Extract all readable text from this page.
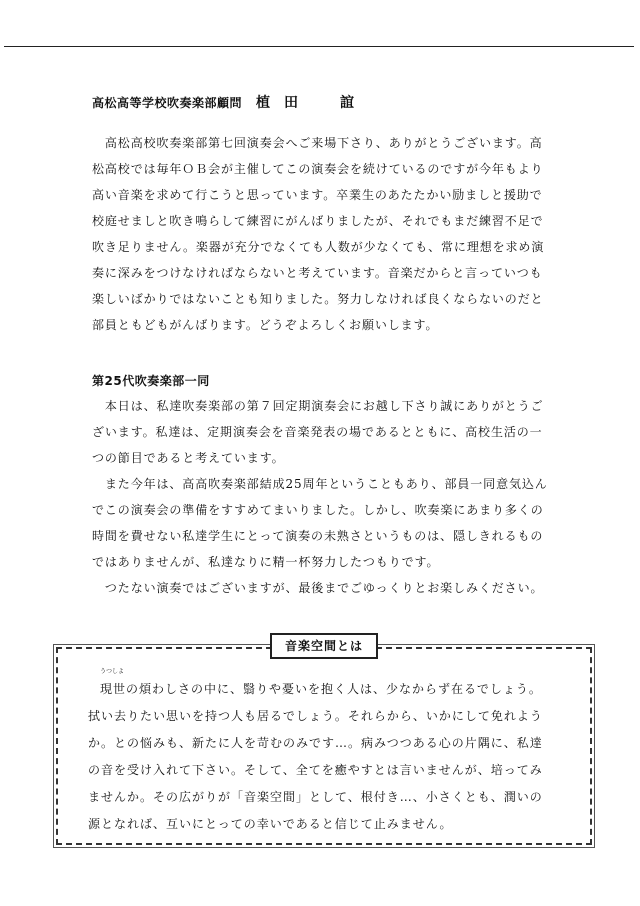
高松高等学校吹奏楽部顧問 植田　誼

　高松高校吹奏楽部第七回演奏会へご来場下さり、ありがとうございます。高

松高校では毎年ＯＢ会が主催してこの演奏会を続けているのですが今年もより

高い音楽を求めて行こうと思っています。卒業生のあたたかい励ましと援助で

校庭せましと吹き鳴らして練習にがんばりましたが、それでもまだ練習不足で

吹き足りません。楽器が充分でなくても人数が少なくても、常に理想を求め演

奏に深みをつけなければならないと考えています。音楽だからと言っていつも

楽しいばかりではないことも知りました。努力しなければ良くならないのだと

部員ともどもがんばります。どうぞよろしくお願いします。

第25代吹奏楽部一同

　本日は、私達吹奏楽部の第７回定期演奏会にお越し下さり誠にありがとうご

ざいます。私達は、定期演奏会を音楽発表の場であるとともに、高校生活の一

つの節目であると考えています。

　また今年は、高高吹奏楽部結成25周年ということもあり、部員一同意気込ん

でこの演奏会の準備をすすめてまいりました。しかし、吹奏楽にあまり多くの

時間を費せない私達学生にとって演奏の未熟さというものは、隠しきれるもの

ではありませんが、私達なりに精一杯努力したつもりです。

　つたない演奏ではございますが、最後までごゆっくりとお楽しみください。

音楽空間とは

うつしよ
現世の煩わしさの中に、翳りや憂いを抱く人は、少なからず在るでしょう。

拭い去りたい思いを持つ人も居るでしょう。それらから、いかにして免れよう

か。との悩みも、新たに人を苛むのみです…。病みつつある心の片隅に、私達

の音を受け入れて下さい。そして、全てを癒やすとは言いませんが、培ってみ

ませんか。その広がりが「音楽空間」として、根付き…、小さくとも、潤いの

源となれば、互いにとっての幸いであると信じて止みません。
